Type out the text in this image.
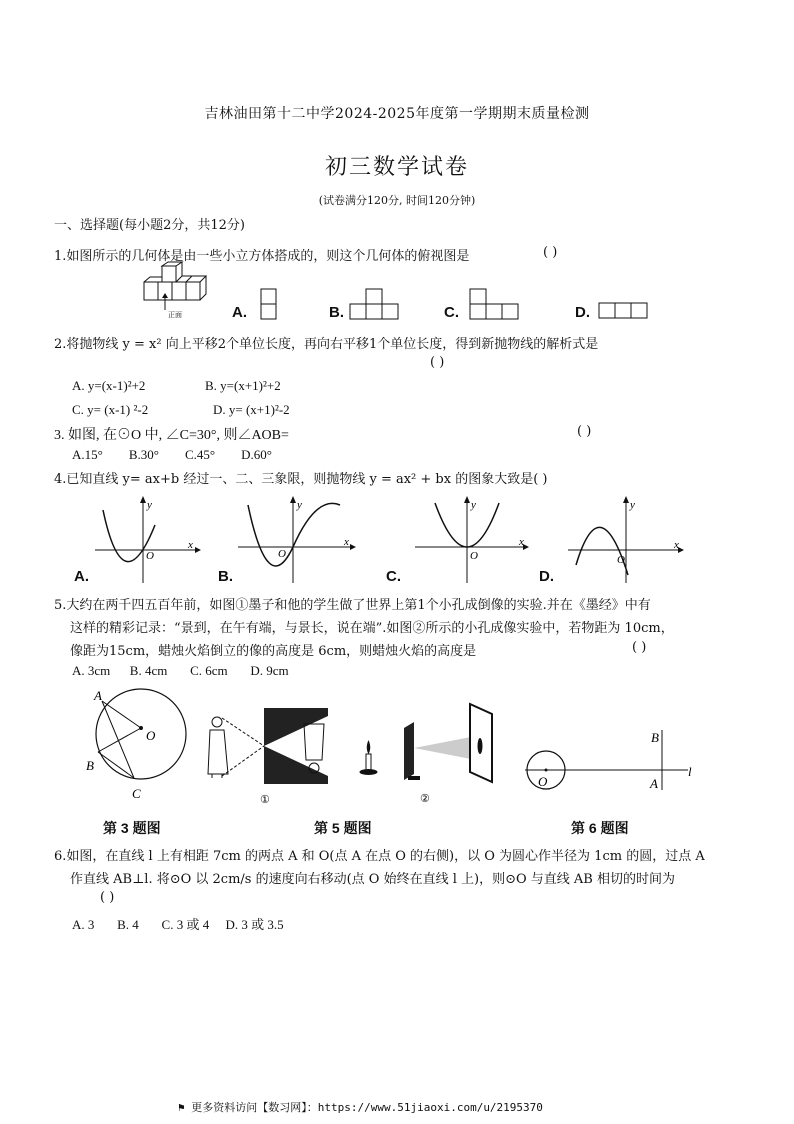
吉林油田第十二中学2024-2025年度第一学期期末质量检测
初三数学试卷
(试卷满分120分, 时间120分钟)
一、选择题(每小题2分，共12分)
1.如图所示的几何体是由一些小立方体搭成的，则这个几何体的俯视图是	( )
正面	A.	B.	C.	D.
2.将抛物线 y = x² 向上平移2个单位长度，再向右平移1个单位长度，得到新抛物线的解析式是
( )
A. y=(x-1)²+2	B. y=(x+1)²+2
C. y= (x-1) ²-2	D. y= (x+1)²-2
3. 如图, 在⊙O 中, ∠C=30°, 则∠AOB=	( )
A.15°        B.30°        C.45°        D.60°
4.已知直线 y= ax+b 经过一、二、三象限，则抛物线 y = ax² + bx 的图象大致是( )
y
x
O
A.
y
x
O
B.
y
x
O
C.
y
x
O
D.
5.大约在两千四五百年前，如图①墨子和他的学生做了世界上第1个小孔成倒像的实验.并在《墨经》中有
这样的精彩记录：“景到，在午有端，与景长，说在端”.如图②所示的小孔成像实验中，若物距为 10cm，
像距为15cm，蜡烛火焰倒立的像的高度是 6cm，则蜡烛火焰的高度是	( )
A. 3cm      B. 4cm       C. 6cm       D. 9cm
A
B
C
O
①	②
O
B
A
l
第 3 题图	第 5 题图	第 6 题图
6.如图，在直线 l 上有相距 7cm 的两点 A 和 O(点 A 在点 O 的右侧)，以 O 为圆心作半径为 1cm 的圆，过点 A
作直线 AB⊥l. 将⊙O 以 2cm/s 的速度向右移动(点 O 始终在直线 l 上)，则⊙O 与直线 AB 相切的时间为
( )
A. 3       B. 4       C. 3 或 4     D. 3 或 3.5
⚑ 更多资料访问【数习网】：https://www.51jiaoxi.com/u/2195370
